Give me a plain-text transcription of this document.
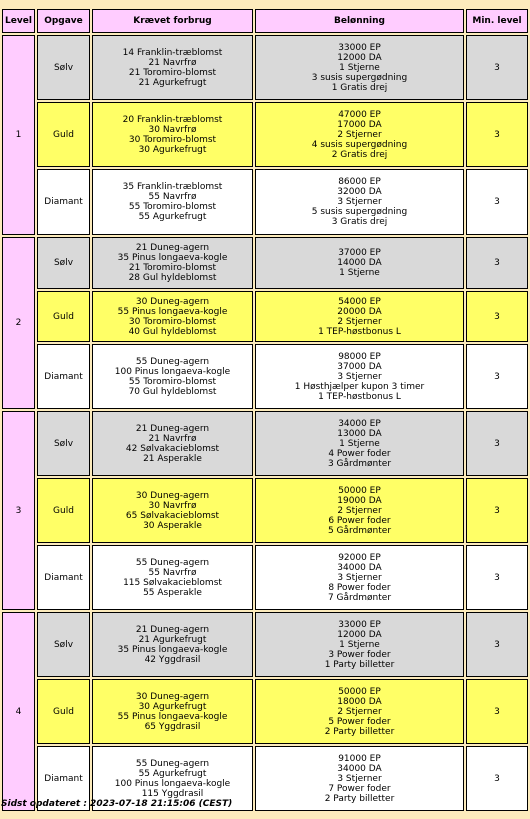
Level	Opgave	Krævet forbrug	Belønning	Min. level
1	Sølv	14 Franklin-træblomst
21 Navrfrø
21 Toromiro-blomst
21 Agurkefrugt	33000 EP
12000 DA
1 Stjerne
3 susis supergødning
1 Gratis drej	3
	Guld	20 Franklin-træblomst
30 Navrfrø
30 Toromiro-blomst
30 Agurkefrugt	47000 EP
17000 DA
2 Stjerner
4 susis supergødning
2 Gratis drej	3
	Diamant	35 Franklin-træblomst
55 Navrfrø
55 Toromiro-blomst
55 Agurkefrugt	86000 EP
32000 DA
3 Stjerner
5 susis supergødning
3 Gratis drej	3
2	Sølv	21 Duneg-agern
35 Pinus longaeva-kogle
21 Toromiro-blomst
28 Gul hyldeblomst	37000 EP
14000 DA
1 Stjerne	3
	Guld	30 Duneg-agern
55 Pinus longaeva-kogle
30 Toromiro-blomst
40 Gul hyldeblomst	54000 EP
20000 DA
2 Stjerner
1 TEP-høstbonus L	3
	Diamant	55 Duneg-agern
100 Pinus longaeva-kogle
55 Toromiro-blomst
70 Gul hyldeblomst	98000 EP
37000 DA
3 Stjerner
1 Høsthjælper kupon 3 timer
1 TEP-høstbonus L	3
3	Sølv	21 Duneg-agern
21 Navrfrø
42 Sølvakacieblomst
21 Asperakle	34000 EP
13000 DA
1 Stjerne
4 Power foder
3 Gårdmønter	3
	Guld	30 Duneg-agern
30 Navrfrø
65 Sølvakacieblomst
30 Asperakle	50000 EP
19000 DA
2 Stjerner
6 Power foder
5 Gårdmønter	3
	Diamant	55 Duneg-agern
55 Navrfrø
115 Sølvakacieblomst
55 Asperakle	92000 EP
34000 DA
3 Stjerner
8 Power foder
7 Gårdmønter	3
4	Sølv	21 Duneg-agern
21 Agurkefrugt
35 Pinus longaeva-kogle
42 Yggdrasil	33000 EP
12000 DA
1 Stjerne
3 Power foder
1 Party billetter	3
	Guld	30 Duneg-agern
30 Agurkefrugt
55 Pinus longaeva-kogle
65 Yggdrasil	50000 EP
18000 DA
2 Stjerner
5 Power foder
2 Party billetter	3
	Diamant	55 Duneg-agern
55 Agurkefrugt
100 Pinus longaeva-kogle
115 Yggdrasil	91000 EP
34000 DA
3 Stjerner
7 Power foder
2 Party billetter	3
Sidst opdateret : 2023-07-18 21:15:06 (CEST)
